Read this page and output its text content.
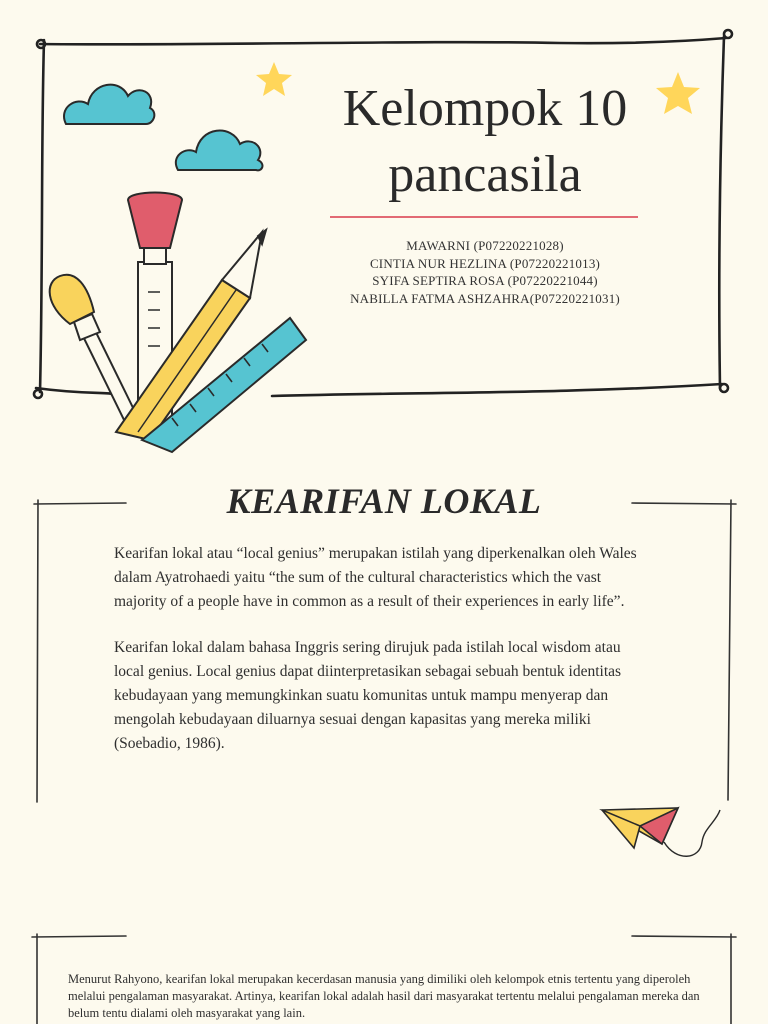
Kelompok 10
pancasila
MAWARNI (P07220221028)
CINTIA NUR HEZLINA (P07220221013)
SYIFA SEPTIRA ROSA (P07220221044)
NABILLA FATMA ASHZAHRA(P07220221031)
KEARIFAN LOKAL

Kearifan lokal atau “local genius” merupakan istilah yang diperkenalkan oleh Wales dalam Ayatrohaedi yaitu “the sum of the cultural characteristics which the vast majority of a people have in common as a result of their experiences in early life”.

Kearifan lokal dalam bahasa Inggris sering dirujuk pada istilah local wisdom atau local genius. Local genius dapat diinterpretasikan sebagai sebuah bentuk identitas kebudayaan yang memungkinkan suatu komunitas untuk mampu menyerap dan mengolah kebudayaan diluarnya sesuai dengan kapasitas yang mereka miliki (Soebadio, 1986).

Menurut Rahyono, kearifan lokal merupakan kecerdasan manusia yang dimiliki oleh kelompok etnis tertentu yang diperoleh melalui pengalaman masyarakat. Artinya, kearifan lokal adalah hasil dari masyarakat tertentu melalui pengalaman mereka dan belum tentu dialami oleh masyarakat yang lain.
